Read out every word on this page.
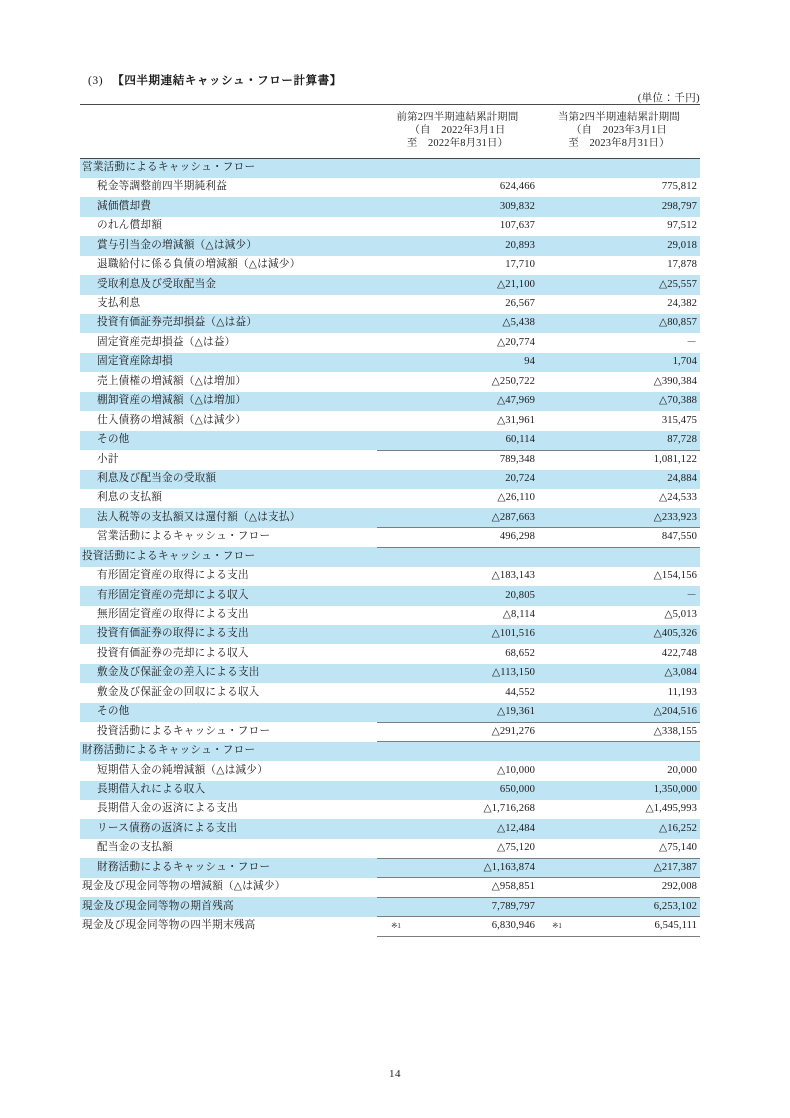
(3) 【四半期連結キャッシュ・フロー計算書】
(単位：千円)

	前第2四半期連結累計期間
（自　2022年3月1日
至　2022年8月31日）		当第2四半期連結累計期間
（自　2023年3月1日
至　2023年8月31日）	

営業活動によるキャッシュ・フロー				
税金等調整前四半期純利益		624,466		775,812
減価償却費		309,832		298,797
のれん償却額		107,637		97,512
賞与引当金の増減額（△は減少）		20,893		29,018
退職給付に係る負債の増減額（△は減少）		17,710		17,878
受取利息及び受取配当金		△21,100		△25,557
支払利息		26,567		24,382
投資有価証券売却損益（△は益）		△5,438		△80,857
固定資産売却損益（△は益）		△20,774		－
固定資産除却損		94		1,704
売上債権の増減額（△は増加）		△250,722		△390,384
棚卸資産の増減額（△は増加）		△47,969		△70,388
仕入債務の増減額（△は減少）		△31,961		315,475
その他		60,114		87,728
小計		789,348		1,081,122
利息及び配当金の受取額		20,724		24,884
利息の支払額		△26,110		△24,533
法人税等の支払額又は還付額（△は支払）		△287,663		△233,923
営業活動によるキャッシュ・フロー		496,298		847,550
投資活動によるキャッシュ・フロー				
有形固定資産の取得による支出		△183,143		△154,156
有形固定資産の売却による収入		20,805		－
無形固定資産の取得による支出		△8,114		△5,013
投資有価証券の取得による支出		△101,516		△405,326
投資有価証券の売却による収入		68,652		422,748
敷金及び保証金の差入による支出		△113,150		△3,084
敷金及び保証金の回収による収入		44,552		11,193
その他		△19,361		△204,516
投資活動によるキャッシュ・フロー		△291,276		△338,155
財務活動によるキャッシュ・フロー				
短期借入金の純増減額（△は減少）		△10,000		20,000
長期借入れによる収入		650,000		1,350,000
長期借入金の返済による支出		△1,716,268		△1,495,993
リース債務の返済による支出		△12,484		△16,252
配当金の支払額		△75,120		△75,140
財務活動によるキャッシュ・フロー		△1,163,874		△217,387
現金及び現金同等物の増減額（△は減少）		△958,851		292,008
現金及び現金同等物の期首残高		7,789,797		6,253,102
現金及び現金同等物の四半期末残高	※1	6,830,946	※1	6,545,111
14
